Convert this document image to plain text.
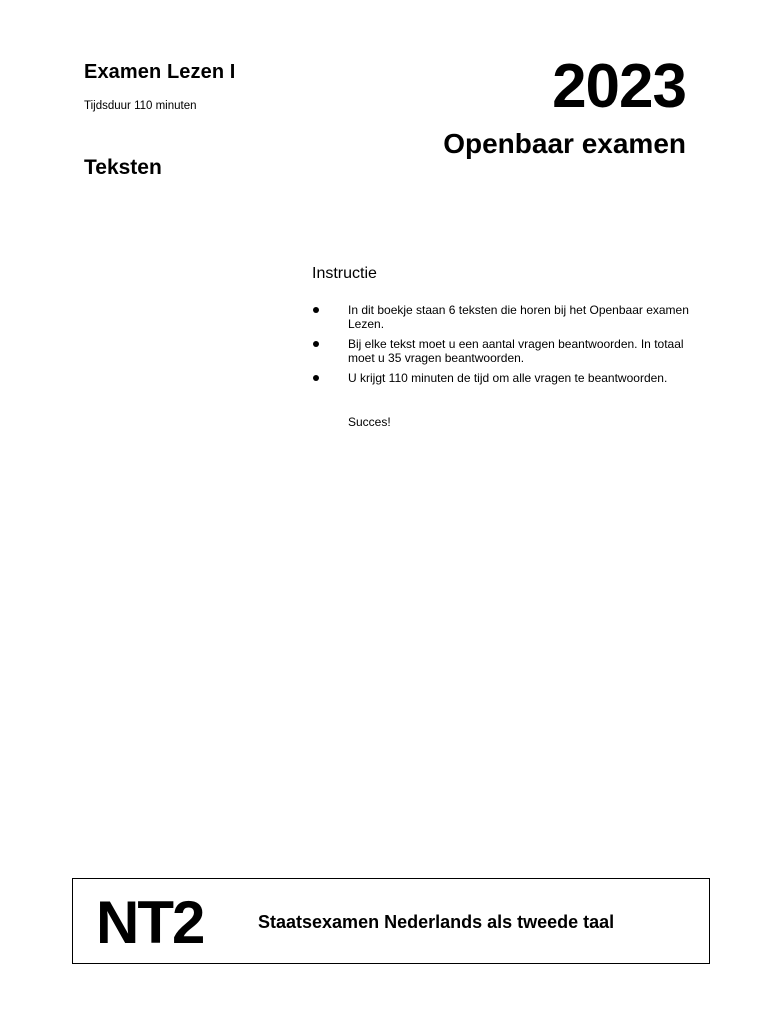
Examen Lezen I
Tijdsduur 110 minuten
Teksten
2023
Openbaar examen
Instructie
In dit boekje staan 6 teksten die horen bij het Openbaar examen Lezen.
Bij elke tekst moet u een aantal vragen beantwoorden. In totaal moet u 35 vragen beantwoorden.
U krijgt 110 minuten de tijd om alle vragen te beantwoorden.
Succes!
NT2	Staatsexamen Nederlands als tweede taal
